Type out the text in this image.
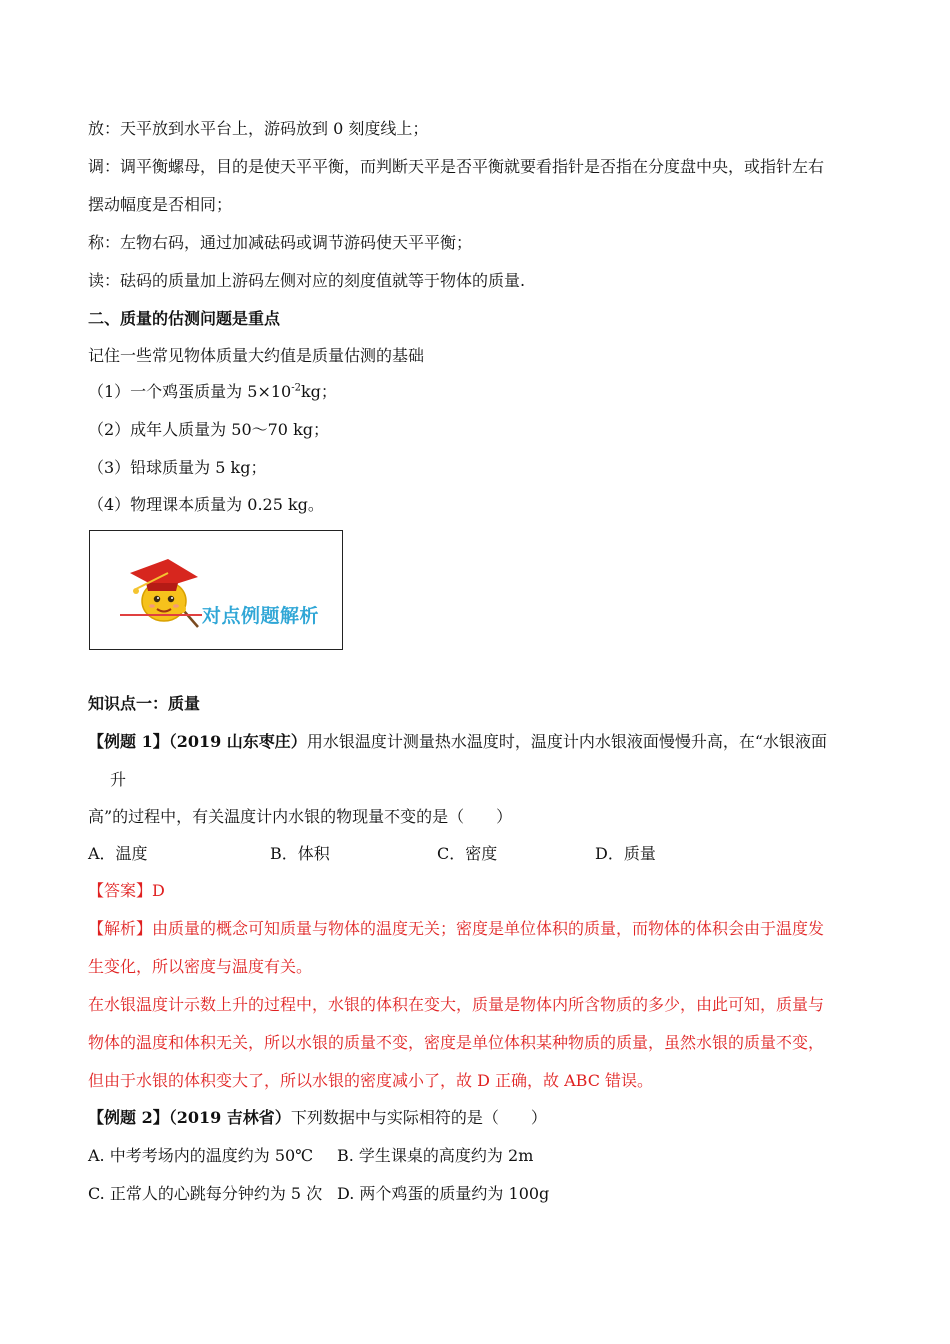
放：天平放到水平台上，游码放到 0 刻度线上；
调：调平衡螺母，目的是使天平平衡，而判断天平是否平衡就要看指针是否指在分度盘中央，或指针左右
摆动幅度是否相同；
称：左物右码，通过加减砝码或调节游码使天平平衡；
读：砝码的质量加上游码左侧对应的刻度值就等于物体的质量.
二、质量的估测问题是重点
记住一些常见物体质量大约值是质量估测的基础
（1）一个鸡蛋质量为 $5\times 10^{-2}kg$；
（2）成年人质量为 50～70 kg；
（3）铅球质量为 5 kg；
（4）物理课本质量为 0.25 kg。
对点例题解析
知识点一：质量
【例题 1】（2019 山东枣庄）用水银温度计测量热水温度时，温度计内水银液面慢慢升高，在“水银液面
升
高”的过程中，有关温度计内水银的物现量不变的是（　　）
A．温度	B．体积	C．密度	D．质量
【答案】D
【解析】由质量的概念可知质量与物体的温度无关；密度是单位体积的质量，而物体的体积会由于温度发
生变化，所以密度与温度有关。
在水银温度计示数上升的过程中，水银的体积在变大，质量是物体内所含物质的多少，由此可知，质量与
物体的温度和体积无关，所以水银的质量不变，密度是单位体积某种物质的质量，虽然水银的质量不变，
但由于水银的体积变大了，所以水银的密度减小了，故 D 正确，故 ABC 错误。
【例题 2】（2019 吉林省）下列数据中与实际相符的是（　　）
A. 中考考场内的温度约为 50℃ B. 学生课桌的高度约为 2m
C. 正常人的心跳每分钟约为 5 次 D. 两个鸡蛋的质量约为 100g
